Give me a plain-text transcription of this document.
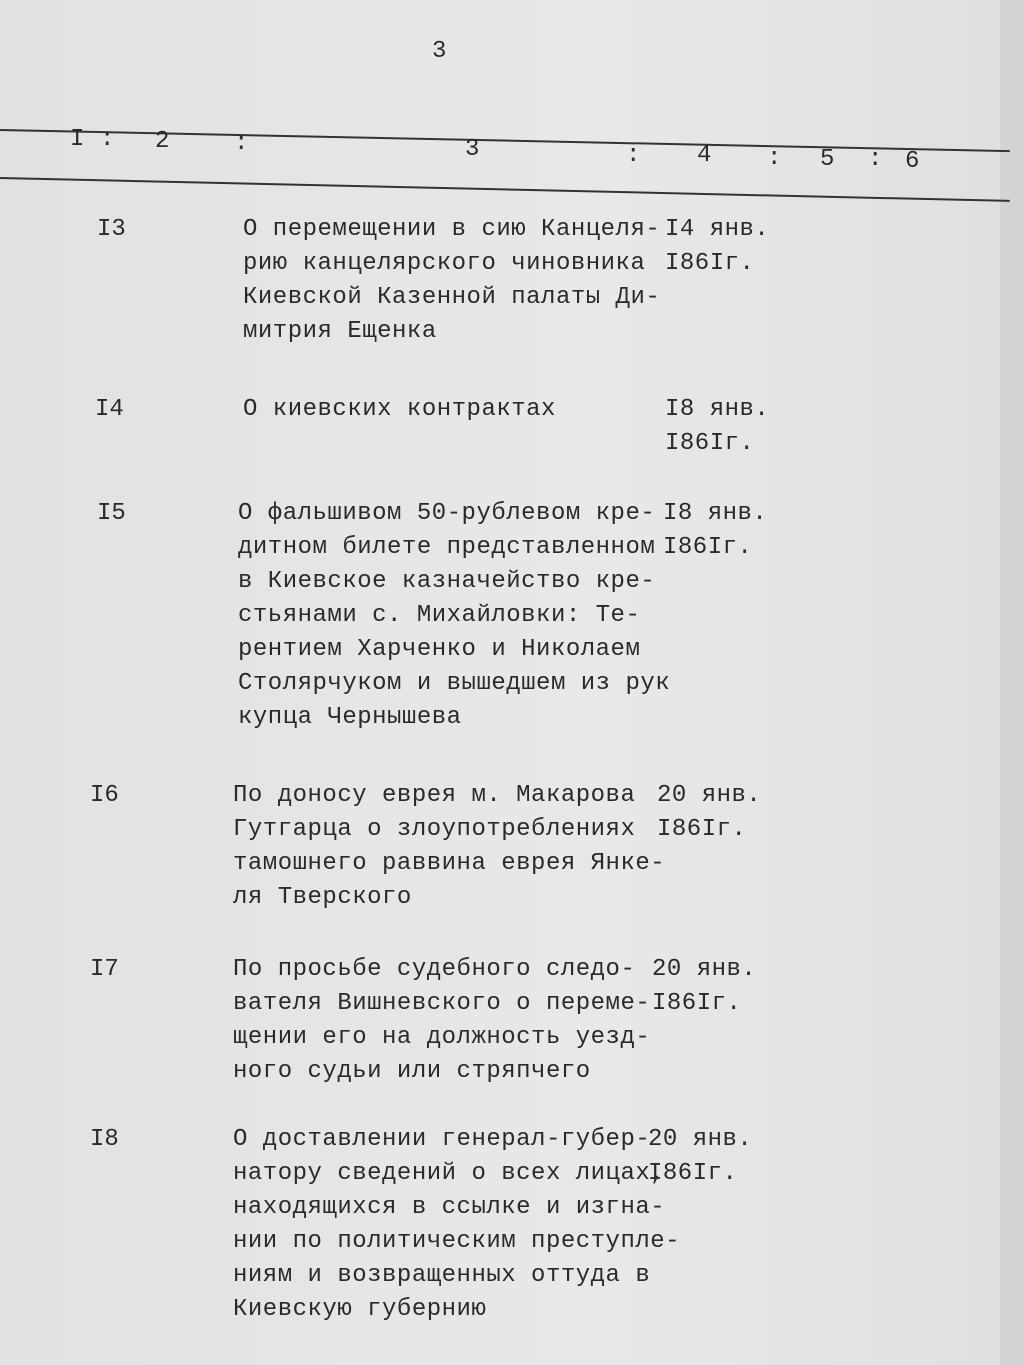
3
I : 2	:	3	: 4 : 5 : 6
I3	О перемещении в сию Канцеля-
рию канцелярского чиновника
Киевской Казенной палаты Ди-
митрия Ещенка
I4 янв.
I86Iг.
I4	О киевских контрактах	I8 янв.
I86Iг.
I5	О фальшивом 50-рублевом кре-
дитном билете представленном
в Киевское казначейство кре-
стьянами с. Михайловки: Те-
рентием Харченко и Николаем
Столярчуком и вышедшем из рук
купца Чернышева
I8 янв.
I86Iг.
I6	По доносу еврея м. Макарова
Гутгарца о злоупотреблениях
тамошнего раввина еврея Янке-
ля Тверского
20 янв.
I86Iг.
I7	По просьбе судебного следо-
вателя Вишневского о переме-
щении его на должность уезд-
ного судьи или стряпчего
20 янв.
I86Iг.
I8	О доставлении генерал-губер-
натору сведений о всех лицах,
находящихся в ссылке и изгна-
нии по политическим преступле-
ниям и возвращенных оттуда в
Киевскую губернию
20 янв.
I86Iг.
